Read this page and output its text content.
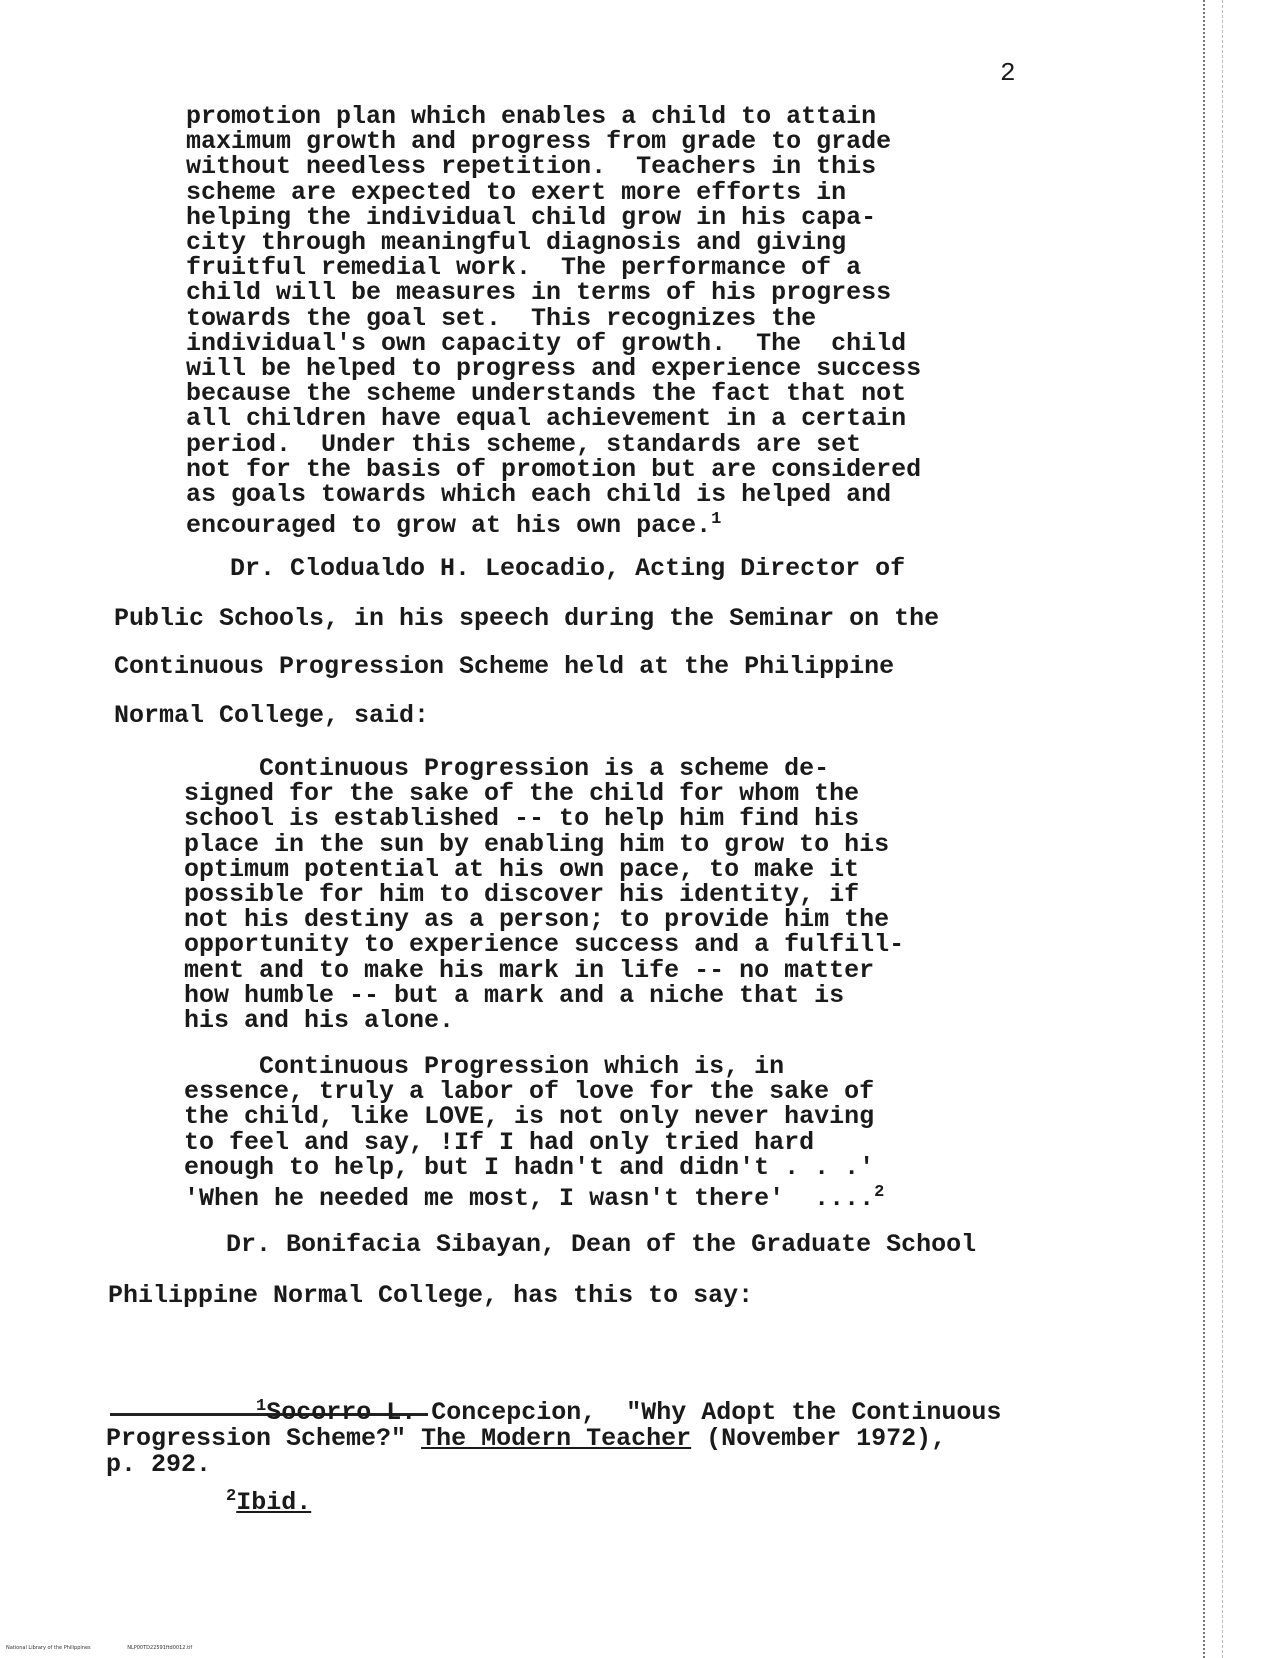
2
promotion plan which enables a child to attain
maximum growth and progress from grade to grade
without needless repetition.  Teachers in this
scheme are expected to exert more efforts in
helping the individual child grow in his capa-
city through meaningful diagnosis and giving
fruitful remedial work.  The performance of a
child will be measures in terms of his progress
towards the goal set.  This recognizes the
individual's own capacity of growth.  The  child
will be helped to progress and experience success
because the scheme understands the fact that not
all children have equal achievement in a certain
period.  Under this scheme, standards are set
not for the basis of promotion but are considered
as goals towards which each child is helped and
encouraged to grow at his own pace.$^1$
Dr. Clodualdo H. Leocadio, Acting Director of
Public Schools, in his speech during the Seminar on the
Continuous Progression Scheme held at the Philippine
Normal College, said:
Continuous Progression is a scheme de-
signed for the sake of the child for whom the
school is established -- to help him find his
place in the sun by enabling him to grow to his
optimum potential at his own pace, to make it
possible for him to discover his identity, if
not his destiny as a person; to provide him the
opportunity to experience success and a fulfill-
ment and to make his mark in life -- no matter
how humble -- but a mark and a niche that is
his and his alone.
Continuous Progression which is, in
essence, truly a labor of love for the sake of
the child, like LOVE, is not only never having
to feel and say, !If I had only tried hard
enough to help, but I hadn't and didn't . . .'
'When he needed me most, I wasn't there'  ....$^2$
Dr. Bonifacia Sibayan, Dean of the Graduate School
Philippine Normal College, has this to say:
$^1$Socorro L. Concepcion,  "Why Adopt the Continuous
Progression Scheme?" The Modern Teacher (November 1972),
p. 292.
$^2$Ibid.
National Library of the Philippines	NLP00TD22591ftd0012.tif
